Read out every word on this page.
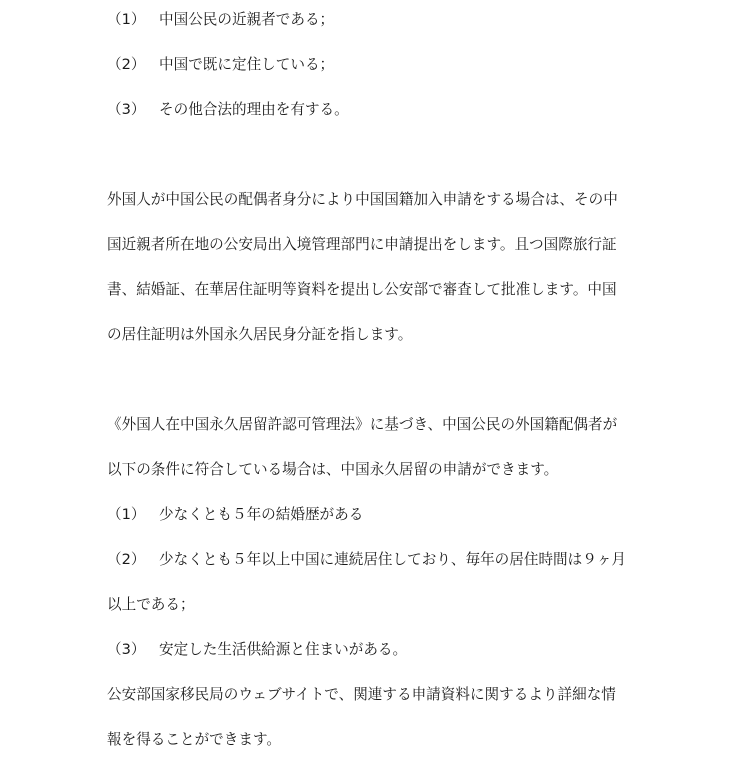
（1） 中国公民の近親者である；
（2） 中国で既に定住している；
（3） その他合法的理由を有する。
外国人が中国公民の配偶者身分により中国国籍加入申請をする場合は、その中
国近親者所在地の公安局出入境管理部門に申請提出をします。且つ国際旅行証
書、結婚証、在華居住証明等資料を提出し公安部で審査して批准します。中国
の居住証明は外国永久居民身分証を指します。
《外国人在中国永久居留許認可管理法》に基づき、中国公民の外国籍配偶者が
以下の条件に符合している場合は、中国永久居留の申請ができます。
（1） 少なくとも５年の結婚歴がある
（2） 少なくとも５年以上中国に連続居住しており、毎年の居住時間は９ヶ月
以上である；
（3） 安定した生活供給源と住まいがある。
公安部国家移民局のウェブサイトで、関連する申請資料に関するより詳細な情
報を得ることができます。
